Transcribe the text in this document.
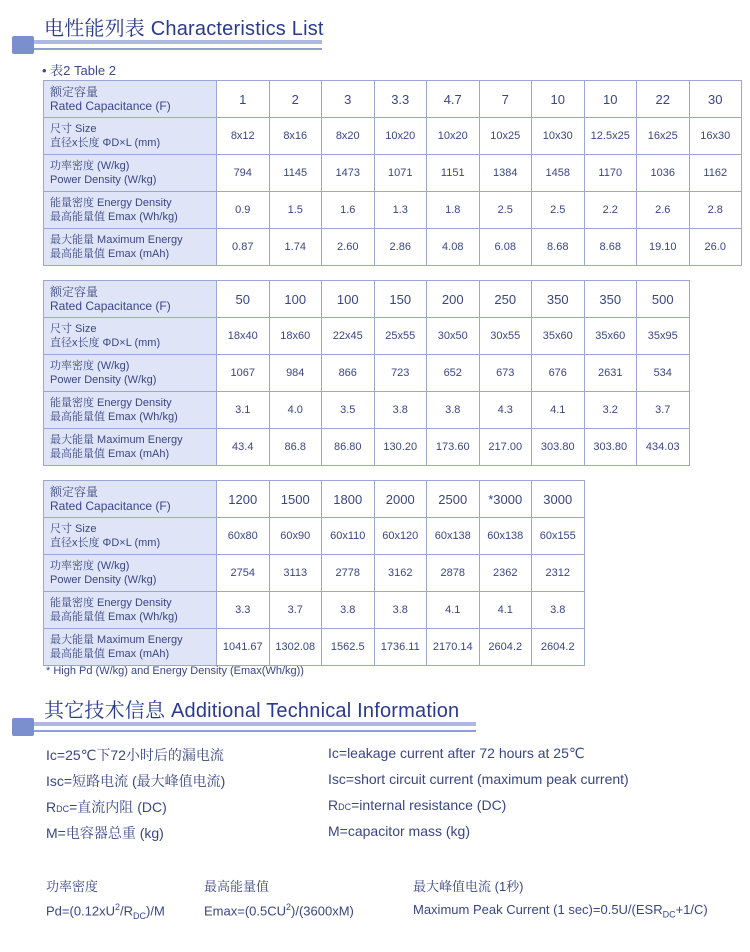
电性能列表 Characteristics List
• 表2 Table 2
额定容量
Rated Capacitance (F)	1	2	3	3.3	4.7	7	10	10	22	30

尺寸 Size
直径x长度 ΦD×L (mm)	8x12	8x16	8x20	10x20	10x20	10x25	10x30	12.5x25	16x25	16x30

功率密度 (W/kg)
Power Density (W/kg)	794	1145	1473	1071	1151	1384	1458	1170	1036	1162

能量密度 Energy Density
最高能量值 Emax (Wh/kg)	0.9	1.5	1.6	1.3	1.8	2.5	2.5	2.2	2.6	2.8

最大能量 Maximum Energy
最高能量值 Emax (mAh)	0.87	1.74	2.60	2.86	4.08	6.08	8.68	8.68	19.10	26.0
额定容量
Rated Capacitance (F)	50	100	100	150	200	250	350	350	500

尺寸 Size
直径x长度 ΦD×L (mm)	18x40	18x60	22x45	25x55	30x50	30x55	35x60	35x60	35x95

功率密度 (W/kg)
Power Density (W/kg)	1067	984	866	723	652	673	676	2631	534

能量密度 Energy Density
最高能量值 Emax (Wh/kg)	3.1	4.0	3.5	3.8	3.8	4.3	4.1	3.2	3.7

最大能量 Maximum Energy
最高能量值 Emax (mAh)	43.4	86.8	86.80	130.20	173.60	217.00	303.80	303.80	434.03
额定容量
Rated Capacitance (F)	1200	1500	1800	2000	2500	*3000	3000

尺寸 Size
直径x长度 ΦD×L (mm)	60x80	60x90	60x110	60x120	60x138	60x138	60x155

功率密度 (W/kg)
Power Density (W/kg)	2754	3113	2778	3162	2878	2362	2312

能量密度 Energy Density
最高能量值 Emax (Wh/kg)	3.3	3.7	3.8	3.8	4.1	4.1	3.8

最大能量 Maximum Energy
最高能量值 Emax (mAh)	1041.67	1302.08	1562.5	1736.11	2170.14	2604.2	2604.2
* High Pd (W/kg) and Energy Density (Emax(Wh/kg))
其它技术信息 Additional Technical Information
Ic=25℃下72小时后的漏电流
Isc=短路电流 (最大峰值电流)
RDC=直流内阻 (DC)
M=电容器总重 (kg)
Ic=leakage current after 72 hours at 25℃
Isc=short circuit current (maximum peak current)
RDC=internal resistance (DC)
M=capacitor mass (kg)
功率密度	最高能量值	最大峰值电流 (1秒)
$Pd=(0.12xU^2/R_{DC})/M$	$Emax=(0.5CU^2)/(3600xM)$	Maximum Peak Current (1 $\sec)=0.5U/(ESR_{DC}+1/C)$
